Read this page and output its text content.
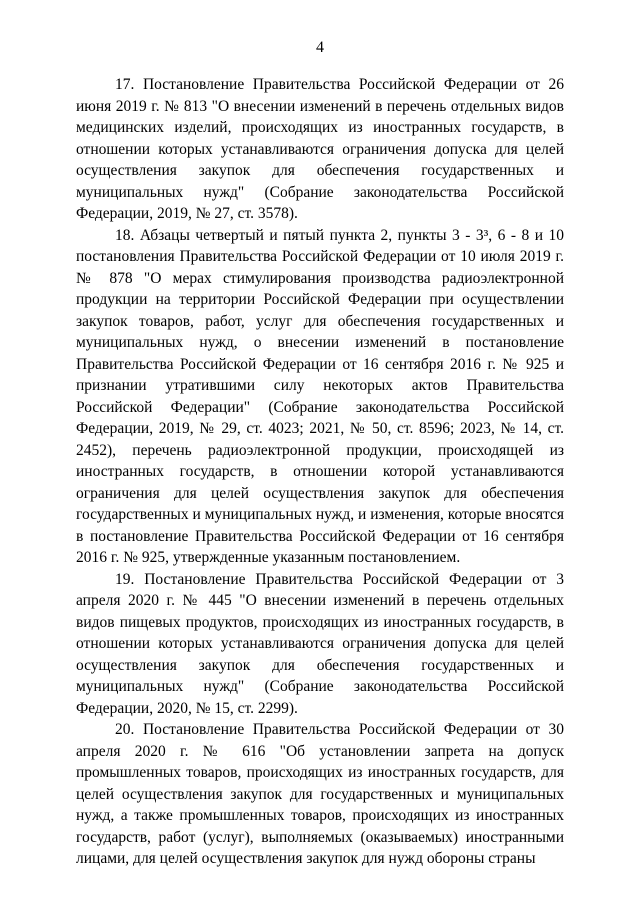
4

17. Постановление Правительства Российской Федерации от 26 июня 2019 г. № 813 "О внесении изменений в перечень отдельных видов медицинских изделий, происходящих из иностранных государств, в отношении которых устанавливаются ограничения допуска для целей осуществления закупок для обеспечения государственных и муниципальных нужд" (Собрание законодательства Российской Федерации, 2019, № 27, ст. 3578).

18. Абзацы четвертый и пятый пункта 2, пункты 3 - 3³, 6 - 8 и 10 постановления Правительства Российской Федерации от 10 июля 2019 г. № 878 "О мерах стимулирования производства радиоэлектронной продукции на территории Российской Федерации при осуществлении закупок товаров, работ, услуг для обеспечения государственных и муниципальных нужд, о внесении изменений в постановление Правительства Российской Федерации от 16 сентября 2016 г. № 925 и признании утратившими силу некоторых актов Правительства Российской Федерации" (Собрание законодательства Российской Федерации, 2019, № 29, ст. 4023; 2021, № 50, ст. 8596; 2023, № 14, ст. 2452), перечень радиоэлектронной продукции, происходящей из иностранных государств, в отношении которой устанавливаются ограничения для целей осуществления закупок для обеспечения государственных и муниципальных нужд, и изменения, которые вносятся в постановление Правительства Российской Федерации от 16 сентября 2016 г. № 925, утвержденные указанным постановлением.

19. Постановление Правительства Российской Федерации от 3 апреля 2020 г. № 445 "О внесении изменений в перечень отдельных видов пищевых продуктов, происходящих из иностранных государств, в отношении которых устанавливаются ограничения допуска для целей осуществления закупок для обеспечения государственных и муниципальных нужд" (Собрание законодательства Российской Федерации, 2020, № 15, ст. 2299).

20. Постановление Правительства Российской Федерации от 30 апреля 2020 г. № 616 "Об установлении запрета на допуск промышленных товаров, происходящих из иностранных государств, для целей осуществления закупок для государственных и муниципальных нужд, а также промышленных товаров, происходящих из иностранных государств, работ (услуг), выполняемых (оказываемых) иностранными лицами, для целей осуществления закупок для нужд обороны страны
